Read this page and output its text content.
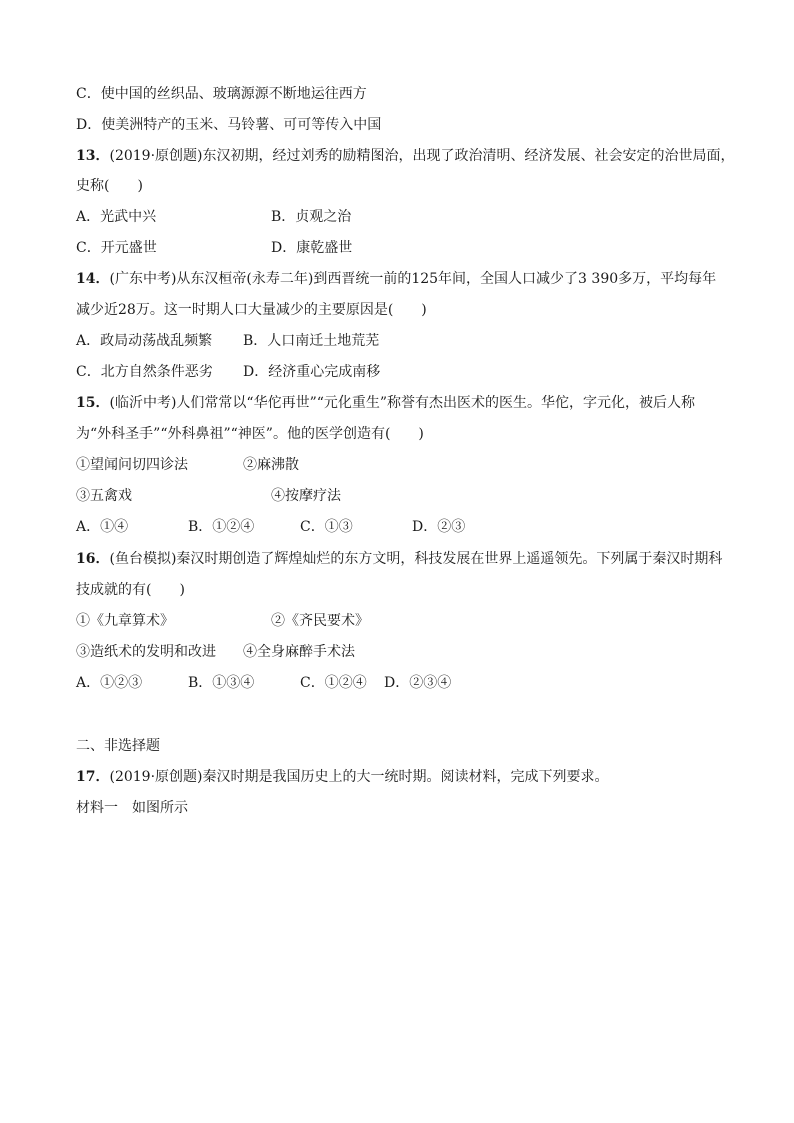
C．使中国的丝织品、玻璃源源不断地运往西方
D．使美洲特产的玉米、马铃薯、可可等传入中国
13．(2019·原创题)东汉初期，经过刘秀的励精图治，出现了政治清明、经济发展、社会安定的治世局面，
史称(　　)
A．光武中兴	B．贞观之治
C．开元盛世	D．康乾盛世
14．(广东中考)从东汉桓帝(永寿二年)到西晋统一前的125年间，全国人口减少了3 390多万，平均每年
减少近28万。这一时期人口大量减少的主要原因是(　　)
A．政局动荡战乱频繁 B．人口南迁土地荒芜
C．北方自然条件恶劣 D．经济重心完成南移
15．(临沂中考)人们常常以“华佗再世”“元化重生”称誉有杰出医术的医生。华佗，字元化，被后人称
为“外科圣手”“外科鼻祖”“神医”。他的医学创造有(　　)
①望闻问切四诊法	②麻沸散
③五禽戏	④按摩疗法
A．①④	B．①②④	C．①③	D．②③
16．(鱼台模拟)秦汉时期创造了辉煌灿烂的东方文明，科技发展在世界上遥遥领先。下列属于秦汉时期科
技成就的有(　　)
①《九章算术》	②《齐民要术》
③造纸术的发明和改进 ④全身麻醉手术法
A．①②③	B．①③④	C．①②④ D．②③④
二、非选择题
17．(2019·原创题)秦汉时期是我国历史上的大一统时期。阅读材料，完成下列要求。
材料一　如图所示
